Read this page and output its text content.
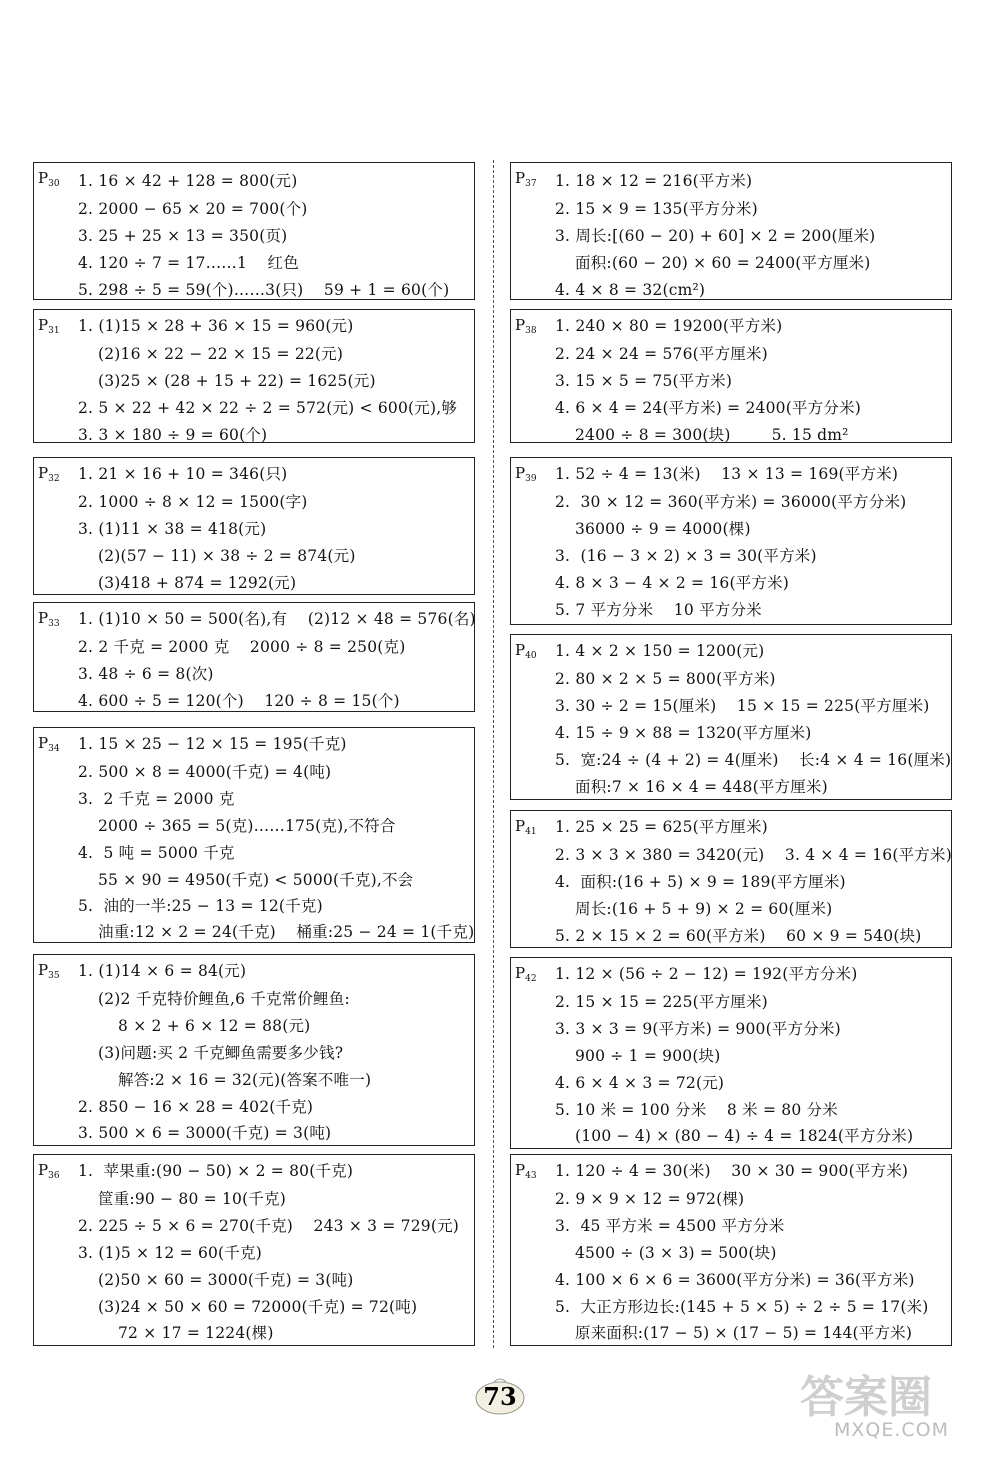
$P_{30}$ 1. 16 × 42 + 128 = 800(元)
2. 2000 − 65 × 20 = 700(个)
3. 25 + 25 × 13 = 350(页)
4. 120 ÷ 7 = 17……1    红色
5. 298 ÷ 5 = 59(个)……3(只)    59 + 1 = 60(个)
$P_{31}$ 1. (1)15 × 28 + 36 × 15 = 960(元)
(2)16 × 22 − 22 × 15 = 22(元)
(3)25 × (28 + 15 + 22) = 1625(元)
2. 5 × 22 + 42 × 22 ÷ 2 = 572(元) < 600(元),够
3. 3 × 180 ÷ 9 = 60(个)
$P_{32}$ 1. 21 × 16 + 10 = 346(只)
2. 1000 ÷ 8 × 12 = 1500(字)
3. (1)11 × 38 = 418(元)
(2)(57 − 11) × 38 ÷ 2 = 874(元)
(3)418 + 874 = 1292(元)
$P_{33}$ 1. (1)10 × 50 = 500(名),有    (2)12 × 48 = 576(名)
2. 2 千克 = 2000 克    2000 ÷ 8 = 250(克)
3. 48 ÷ 6 = 8(次)
4. 600 ÷ 5 = 120(个)    120 ÷ 8 = 15(个)
$P_{34}$ 1. 15 × 25 − 12 × 15 = 195(千克)
2. 500 × 8 = 4000(千克) = 4(吨)
3.  2 千克 = 2000 克
2000 ÷ 365 = 5(克)……175(克),不符合
4.  5 吨 = 5000 千克
55 × 90 = 4950(千克) < 5000(千克),不会
5.  油的一半:25 − 13 = 12(千克)
油重:12 × 2 = 24(千克)    桶重:25 − 24 = 1(千克)
$P_{35}$ 1. (1)14 × 6 = 84(元)
(2)2 千克特价鲤鱼,6 千克常价鲤鱼:
8 × 2 + 6 × 12 = 88(元)
(3)问题:买 2 千克鲫鱼需要多少钱?
解答:2 × 16 = 32(元)(答案不唯一)
2. 850 − 16 × 28 = 402(千克)
3. 500 × 6 = 3000(千克) = 3(吨)
$P_{36}$ 1.  苹果重:(90 − 50) × 2 = 80(千克)
筐重:90 − 80 = 10(千克)
2. 225 ÷ 5 × 6 = 270(千克)    243 × 3 = 729(元)
3. (1)5 × 12 = 60(千克)
(2)50 × 60 = 3000(千克) = 3(吨)
(3)24 × 50 × 60 = 72000(千克) = 72(吨)
72 × 17 = 1224(棵)
$P_{37}$ 1. 18 × 12 = 216(平方米)
2. 15 × 9 = 135(平方分米)
3. 周长:[(60 − 20) + 60] × 2 = 200(厘米)
面积:(60 − 20) × 60 = 2400(平方厘米)
4. 4 × 8 = 32(cm²)
$P_{38}$ 1. 240 × 80 = 19200(平方米)
2. 24 × 24 = 576(平方厘米)
3. 15 × 5 = 75(平方米)
4. 6 × 4 = 24(平方米) = 2400(平方分米)
2400 ÷ 8 = 300(块)        5. 15 dm²
$P_{39}$ 1. 52 ÷ 4 = 13(米)    13 × 13 = 169(平方米)
2.  30 × 12 = 360(平方米) = 36000(平方分米)
36000 ÷ 9 = 4000(棵)
3.  (16 − 3 × 2) × 3 = 30(平方米)
4. 8 × 3 − 4 × 2 = 16(平方米)
5. 7 平方分米    10 平方分米
$P_{40}$ 1. 4 × 2 × 150 = 1200(元)
2. 80 × 2 × 5 = 800(平方米)
3. 30 ÷ 2 = 15(厘米)    15 × 15 = 225(平方厘米)
4. 15 ÷ 9 × 88 = 1320(平方厘米)
5.  宽:24 ÷ (4 + 2) = 4(厘米)    长:4 × 4 = 16(厘米)
面积:7 × 16 × 4 = 448(平方厘米)
$P_{41}$ 1. 25 × 25 = 625(平方厘米)
2. 3 × 3 × 380 = 3420(元)    3. 4 × 4 = 16(平方米)
4.  面积:(16 + 5) × 9 = 189(平方厘米)
周长:(16 + 5 + 9) × 2 = 60(厘米)
5. 2 × 15 × 2 = 60(平方米)    60 × 9 = 540(块)
$P_{42}$ 1. 12 × (56 ÷ 2 − 12) = 192(平方分米)
2. 15 × 15 = 225(平方厘米)
3. 3 × 3 = 9(平方米) = 900(平方分米)
900 ÷ 1 = 900(块)
4. 6 × 4 × 3 = 72(元)
5. 10 米 = 100 分米    8 米 = 80 分米
(100 − 4) × (80 − 4) ÷ 4 = 1824(平方分米)
$P_{43}$ 1. 120 ÷ 4 = 30(米)    30 × 30 = 900(平方米)
2. 9 × 9 × 12 = 972(棵)
3.  45 平方米 = 4500 平方分米
4500 ÷ (3 × 3) = 500(块)
4. 100 × 6 × 6 = 3600(平方分米) = 36(平方米)
5.  大正方形边长:(145 + 5 × 5) ÷ 2 ÷ 5 = 17(米)
原来面积:(17 − 5) × (17 − 5) = 144(平方米)
73	答案圈
MXQE.COM
